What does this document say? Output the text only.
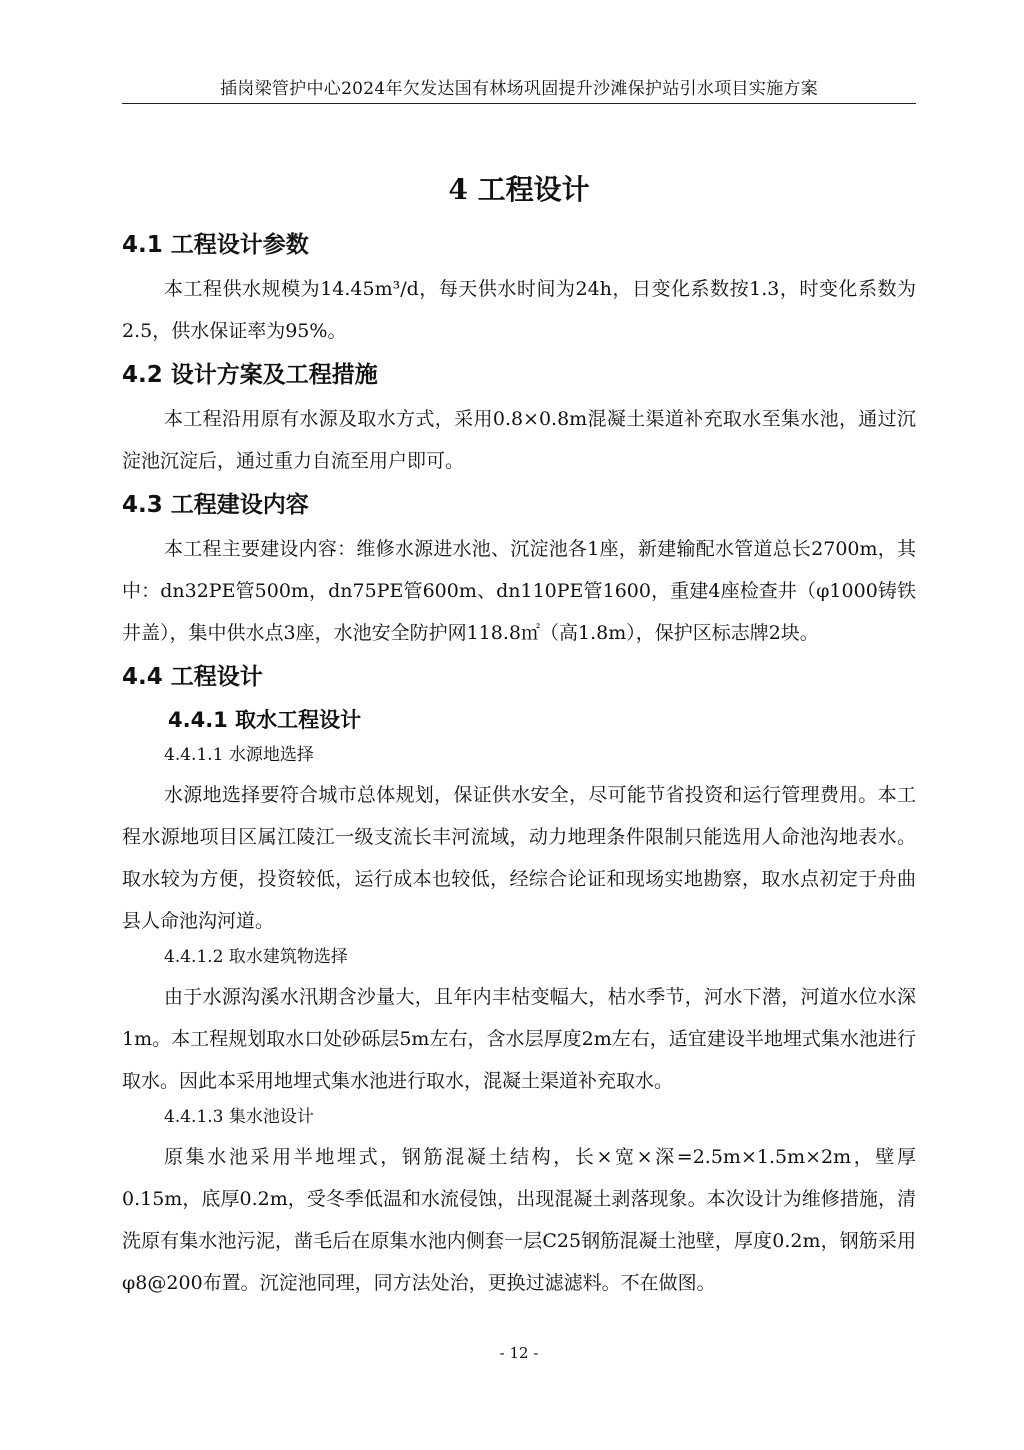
插岗梁管护中心2024年欠发达国有林场巩固提升沙滩保护站引水项目实施方案
4 工程设计
4.1 工程设计参数

本工程供水规模为14.45m³/d，每天供水时间为24h，日变化系数按1.3，时变化系数为2.5，供水保证率为95%。

4.2 设计方案及工程措施

本工程沿用原有水源及取水方式，采用0.8×0.8m混凝土渠道补充取水至集水池，通过沉淀池沉淀后，通过重力自流至用户即可。

4.3 工程建设内容

本工程主要建设内容：维修水源进水池、沉淀池各1座，新建输配水管道总长2700m，其中：dn32PE管500m，dn75PE管600m、dn110PE管1600，重建4座检查井（φ1000铸铁井盖），集中供水点3座，水池安全防护网118.8㎡（高1.8m），保护区标志牌2块。

4.4 工程设计
4.4.1 取水工程设计
4.4.1.1 水源地选择

水源地选择要符合城市总体规划，保证供水安全，尽可能节省投资和运行管理费用。本工程水源地项目区属江陵江一级支流长丰河流域，动力地理条件限制只能选用人命池沟地表水。取水较为方便，投资较低，运行成本也较低，经综合论证和现场实地勘察，取水点初定于舟曲县人命池沟河道。

4.4.1.2 取水建筑物选择

由于水源沟溪水汛期含沙量大，且年内丰枯变幅大，枯水季节，河水下潜，河道水位水深1m。本工程规划取水口处砂砾层5m左右，含水层厚度2m左右，适宜建设半地埋式集水池进行取水。因此本采用地埋式集水池进行取水，混凝土渠道补充取水。

4.4.1.3 集水池设计

原集水池采用半地埋式，钢筋混凝土结构，长×宽×深=2.5m×1.5m×2m，壁厚0.15m，底厚0.2m，受冬季低温和水流侵蚀，出现混凝土剥落现象。本次设计为维修措施，清洗原有集水池污泥，凿毛后在原集水池内侧套一层C25钢筋混凝土池壁，厚度0.2m，钢筋采用φ8@200布置。沉淀池同理，同方法处治，更换过滤滤料。不在做图。

- 12 -
